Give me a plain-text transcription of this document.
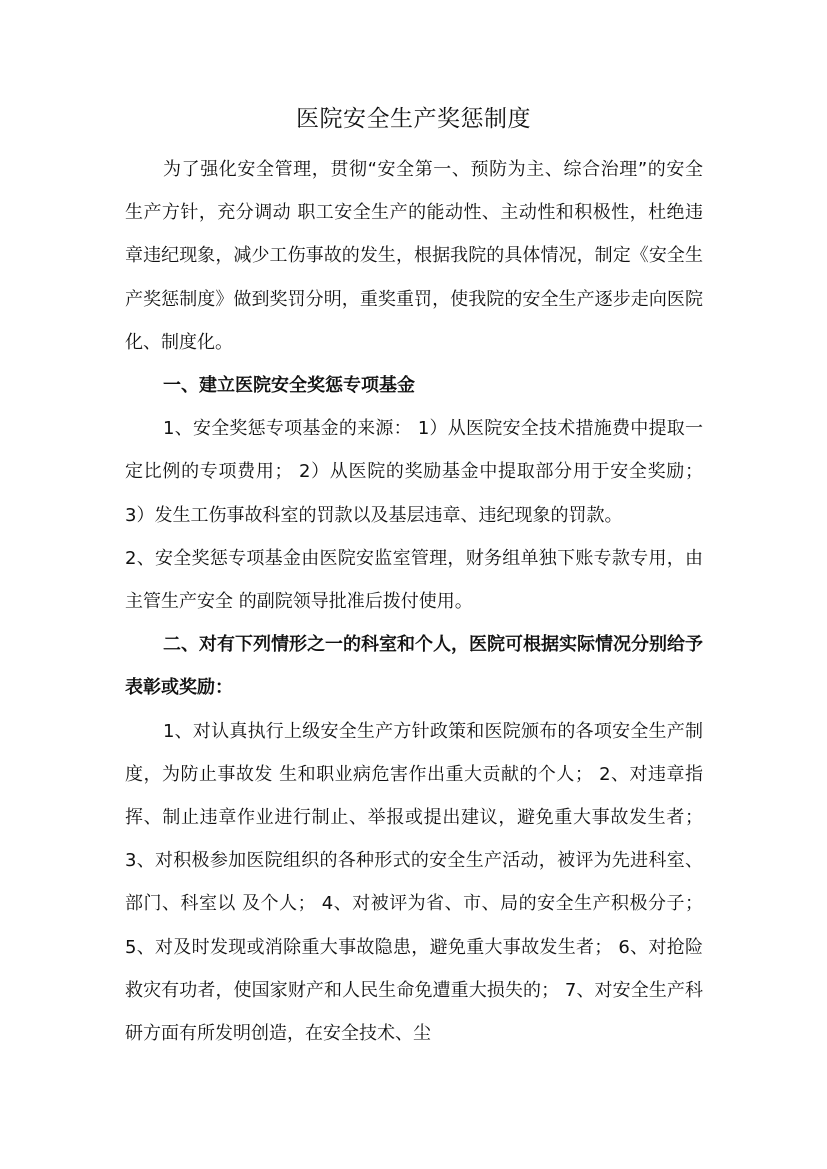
医院安全生产奖惩制度

为了强化安全管理，贯彻“安全第一、预防为主、综合治理”的安全生产方针，充分调动 职工安全生产的能动性、主动性和积极性，杜绝违章违纪现象，减少工伤事故的发生，根据我院的具体情况，制定《安全生产奖惩制度》做到奖罚分明，重奖重罚，使我院的安全生产逐步走向医院化、制度化。

一、建立医院安全奖惩专项基金

1、安全奖惩专项基金的来源： 1）从医院安全技术措施费中提取一定比例的专项费用； 2）从医院的奖励基金中提取部分用于安全奖励； 3）发生工伤事故科室的罚款以及基层违章、违纪现象的罚款。

2、安全奖惩专项基金由医院安监室管理，财务组单独下账专款专用，由主管生产安全 的副院领导批准后拨付使用。

二、对有下列情形之一的科室和个人，医院可根据实际情况分别给予表彰或奖励：

1、对认真执行上级安全生产方针政策和医院颁布的各项安全生产制度，为防止事故发 生和职业病危害作出重大贡献的个人； 2、对违章指挥、制止违章作业进行制止、举报或提出建议，避免重大事故发生者； 3、对积极参加医院组织的各种形式的安全生产活动，被评为先进科室、部门、科室以 及个人； 4、对被评为省、市、局的安全生产积极分子； 5、对及时发现或消除重大事故隐患，避免重大事故发生者； 6、对抢险救灾有功者，使国家财产和人民生命免遭重大损失的； 7、对安全生产科研方面有所发明创造，在安全技术、尘
